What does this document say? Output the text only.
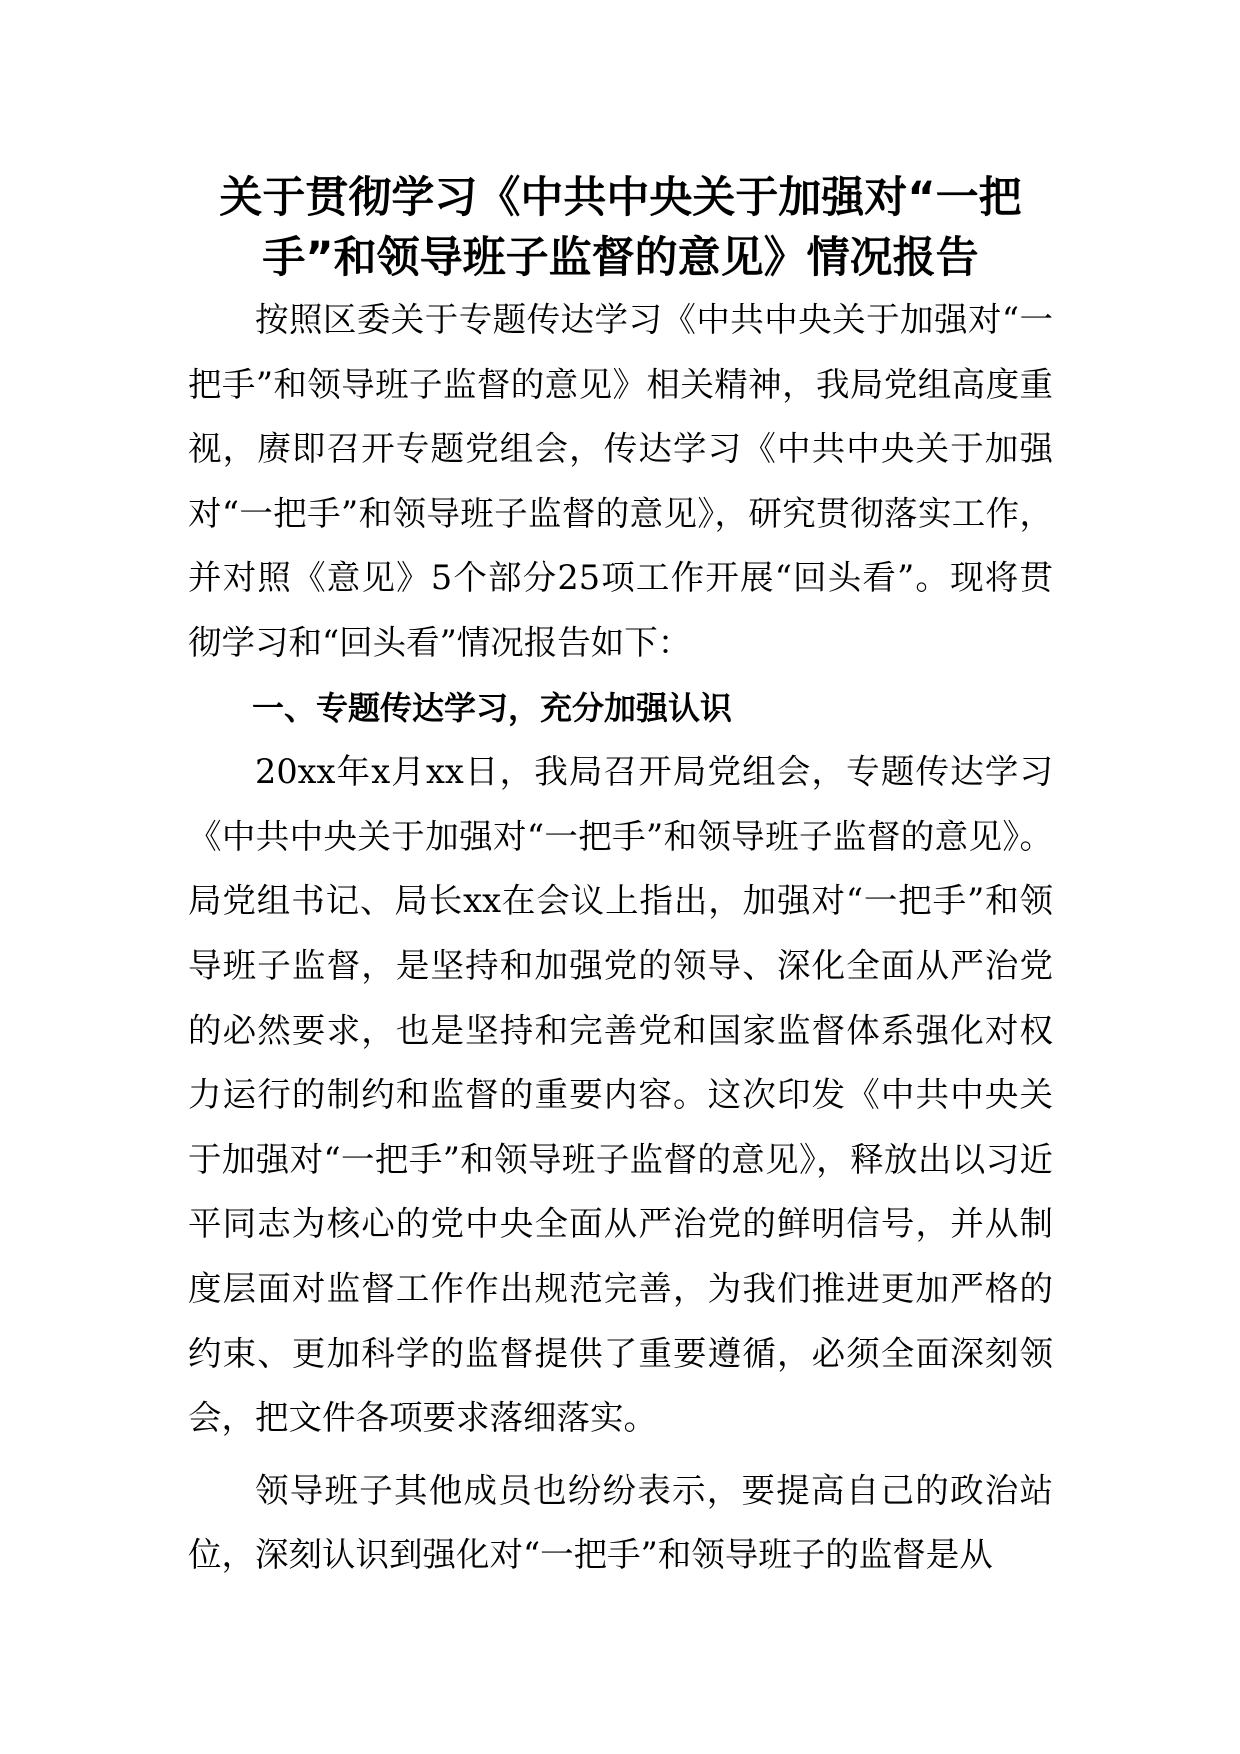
关于贯彻学习《中共中央关于加强对“一把手”和领导班子监督的意见》情况报告

按照区委关于专题传达学习《中共中央关于加强对“一把手”和领导班子监督的意见》相关精神，我局党组高度重视，赓即召开专题党组会，传达学习《中共中央关于加强对“一把手”和领导班子监督的意见》，研究贯彻落实工作，并对照《意见》5个部分25项工作开展“回头看”。现将贯彻学习和“回头看”情况报告如下：

一、专题传达学习，充分加强认识

20xx年x月xx日，我局召开局党组会，专题传达学习《中共中央关于加强对“一把手”和领导班子监督的意见》。局党组书记、局长xx在会议上指出，加强对“一把手”和领导班子监督，是坚持和加强党的领导、深化全面从严治党的必然要求，也是坚持和完善党和国家监督体系强化对权力运行的制约和监督的重要内容。这次印发《中共中央关于加强对“一把手”和领导班子监督的意见》，释放出以习近平同志为核心的党中央全面从严治党的鲜明信号，并从制度层面对监督工作作出规范完善，为我们推进更加严格的约束、更加科学的监督提供了重要遵循，必须全面深刻领会，把文件各项要求落细落实。

领导班子其他成员也纷纷表示，要提高自己的政治站位，深刻认识到强化对“一把手”和领导班子的监督是从
